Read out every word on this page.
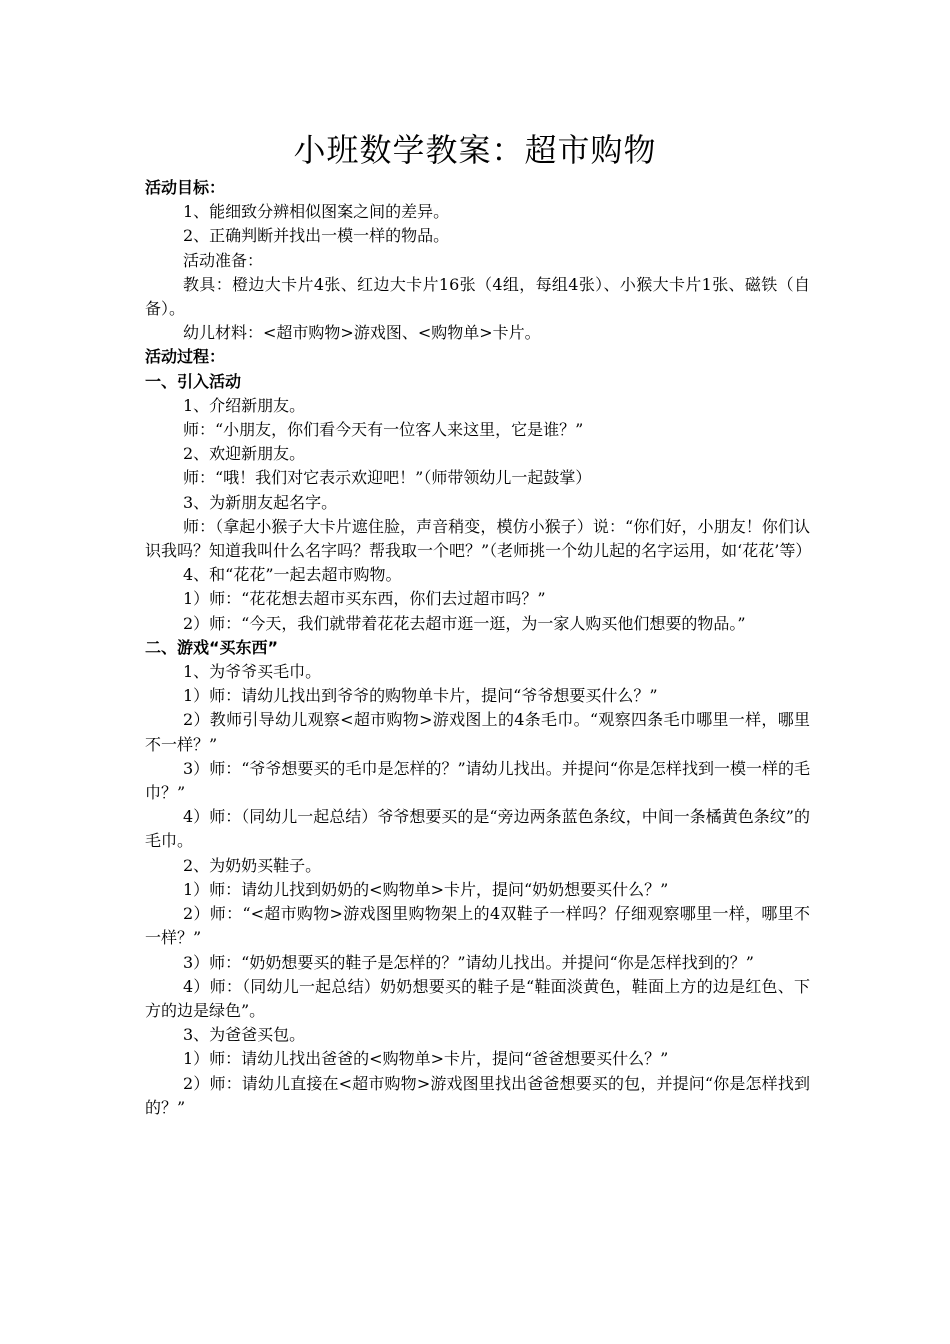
小班数学教案：超市购物
活动目标：
1、能细致分辨相似图案之间的差异。
2、正确判断并找出一模一样的物品。
活动准备：
教具：橙边大卡片4张、红边大卡片16张（4组，每组4张）、小猴大卡片1张、磁铁（自备）。
幼儿材料：<超市购物>游戏图、<购物单>卡片。
活动过程：
一、引入活动
1、介绍新朋友。
师：“小朋友，你们看今天有一位客人来这里，它是谁？”
2、欢迎新朋友。
师：“哦！我们对它表示欢迎吧！”（师带领幼儿一起鼓掌）
3、为新朋友起名字。
师：（拿起小猴子大卡片遮住脸，声音稍变，模仿小猴子）说：“你们好，小朋友！你们认识我吗？知道我叫什么名字吗？帮我取一个吧？”（老师挑一个幼儿起的名字运用，如‘花花’等）
4、和“花花”一起去超市购物。
1）师：“花花想去超市买东西，你们去过超市吗？”
2）师：“今天，我们就带着花花去超市逛一逛，为一家人购买他们想要的物品。”
二、游戏“买东西”
1、为爷爷买毛巾。
1）师：请幼儿找出到爷爷的购物单卡片，提问“爷爷想要买什么？”
2）教师引导幼儿观察<超市购物>游戏图上的4条毛巾。“观察四条毛巾哪里一样，哪里不一样？”
3）师：“爷爷想要买的毛巾是怎样的？”请幼儿找出。并提问“你是怎样找到一模一样的毛巾？”
4）师：（同幼儿一起总结）爷爷想要买的是“旁边两条蓝色条纹，中间一条橘黄色条纹”的毛巾。
2、为奶奶买鞋子。
1）师：请幼儿找到奶奶的<购物单>卡片，提问“奶奶想要买什么？”
2）师：“<超市购物>游戏图里购物架上的4双鞋子一样吗？仔细观察哪里一样，哪里不一样？”
3）师：“奶奶想要买的鞋子是怎样的？”请幼儿找出。并提问“你是怎样找到的？”
4）师：（同幼儿一起总结）奶奶想要买的鞋子是“鞋面淡黄色，鞋面上方的边是红色、下方的边是绿色”。
3、为爸爸买包。
1）师：请幼儿找出爸爸的<购物单>卡片，提问“爸爸想要买什么？”
2）师：请幼儿直接在<超市购物>游戏图里找出爸爸想要买的包，并提问“你是怎样找到的？”
